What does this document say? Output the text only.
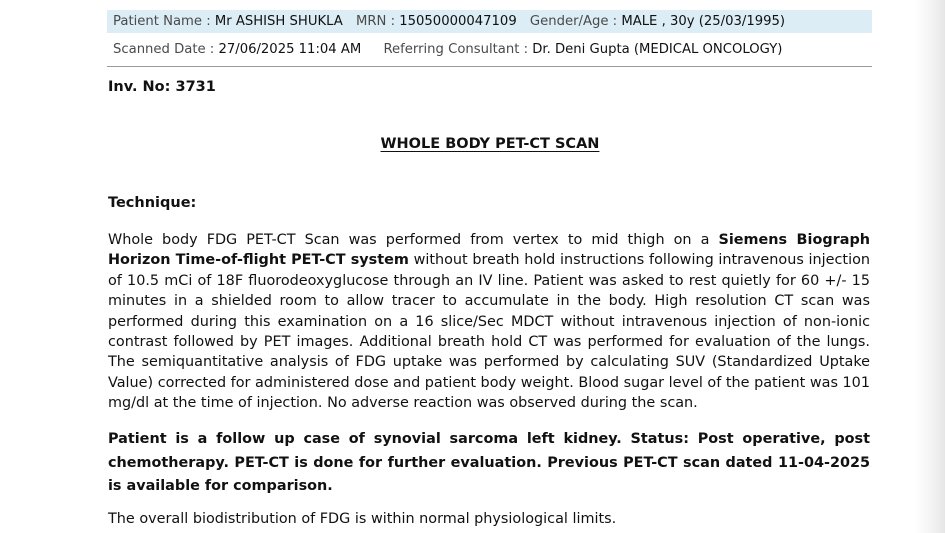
Patient Name : Mr ASHISH SHUKLA MRN : 15050000047109 Gender/Age : MALE , 30y (25/03/1995)
Scanned Date : 27/06/2025 11:04 AM Referring Consultant : Dr. Deni Gupta (MEDICAL ONCOLOGY)
Inv. No: 3731
WHOLE BODY PET-CT SCAN
Technique:

Whole body FDG PET-CT Scan was performed from vertex to mid thigh on a Siemens Biograph Horizon Time-of-flight PET-CT system without breath hold instructions following intravenous injection of 10.5 mCi of 18F fluorodeoxyglucose through an IV line. Patient was asked to rest quietly for 60 +/- 15 minutes in a shielded room to allow tracer to accumulate in the body. High resolution CT scan was performed during this examination on a 16 slice/Sec MDCT without intravenous injection of non-ionic contrast followed by PET images. Additional breath hold CT was performed for evaluation of the lungs. The semiquantitative analysis of FDG uptake was performed by calculating SUV (Standardized Uptake Value) corrected for administered dose and patient body weight. Blood sugar level of the patient was 101 mg/dl at the time of injection. No adverse reaction was observed during the scan.

Patient is a follow up case of synovial sarcoma left kidney. Status: Post operative, post chemotherapy. PET-CT is done for further evaluation. Previous PET-CT scan dated 11-04-2025 is available for comparison.

The overall biodistribution of FDG is within normal physiological limits.
